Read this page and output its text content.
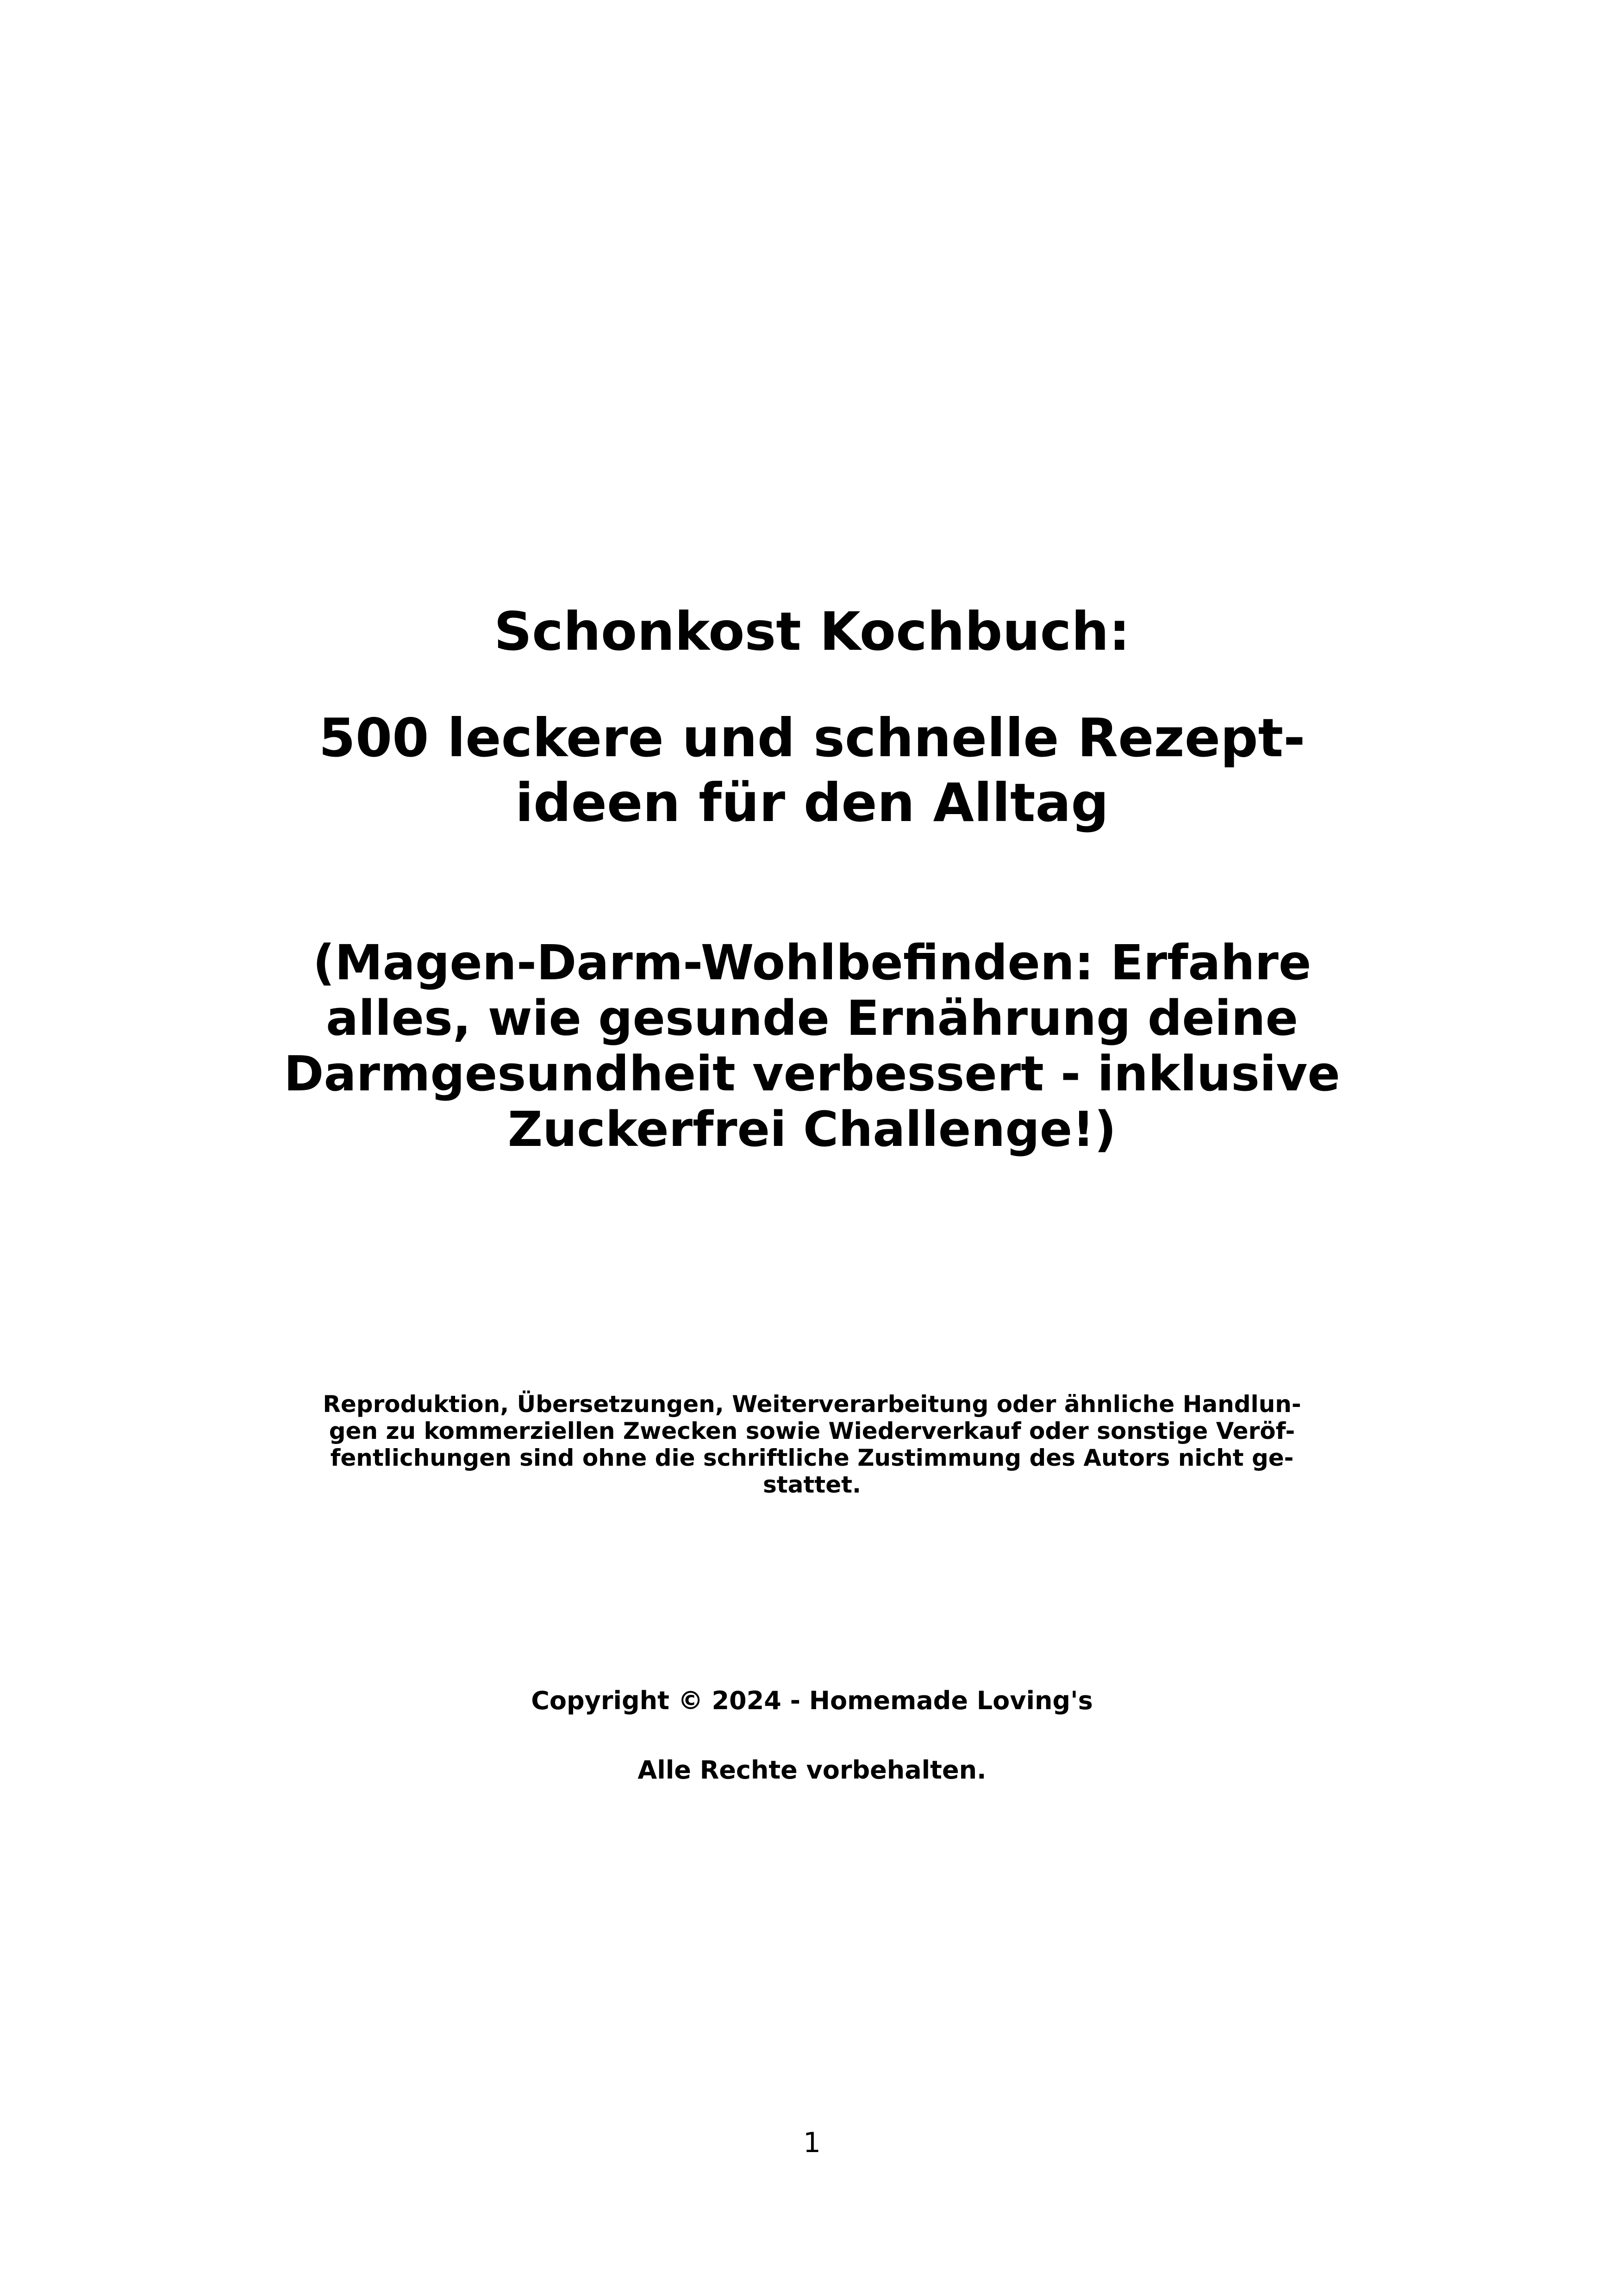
Schonkost Kochbuch:
500 leckere und schnelle Rezept-
ideen für den Alltag
(Magen-Darm-Wohlbefinden: Erfahre
alles, wie gesunde Ernährung deine
Darmgesundheit verbessert - inklusive
Zuckerfrei Challenge!)

Reproduktion, Übersetzungen, Weiterverarbeitung oder ähnliche Handlun-
gen zu kommerziellen Zwecken sowie Wiederverkauf oder sonstige Veröf-
fentlichungen sind ohne die schriftliche Zustimmung des Autors nicht ge-
stattet.

Copyright © 2024 - Homemade Loving's

Alle Rechte vorbehalten.

1
